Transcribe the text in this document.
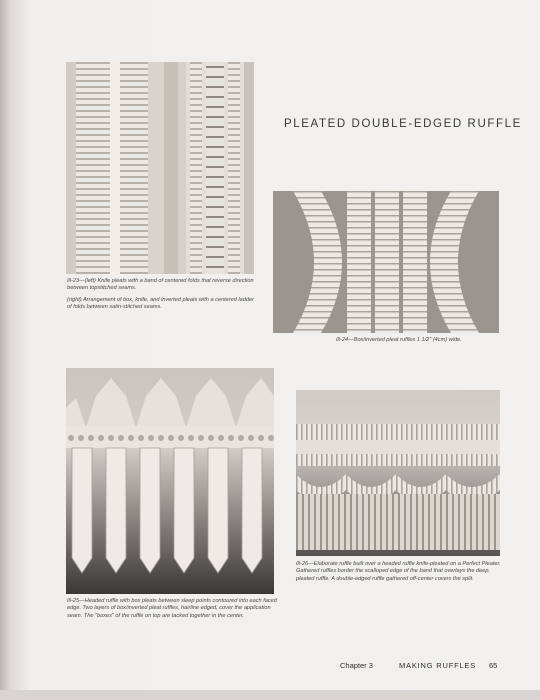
Ill-23—(left) Knife pleats with a band of centered folds that reverse direction between topstitched seams.
(right) Arrangement of box, knife, and inverted pleats with a centered ladder of folds between satin-stitched seams.
PLEATED DOUBLE-EDGED RUFFLE
Ill-24—Box/inverted pleat ruffles 1 1/2" (4cm) wide.
Ill-25—Headed ruffle with box pleats between sleep points contoured into each faced edge. Two layers of box/inverted pleat ruffles, hairline edged, cover the application seam. The "boxes" of the ruffle on top are tacked together in the center.
Ill-26—Elaborate ruffle built over a headed ruffle knife-pleated on a Perfect Pleater. Gathered ruffles border the scalloped edge of the band that overlays the deep, pleated ruffle. A double-edged ruffle gathered off-center covers the split.
Chapter 3	MAKING RUFFLES 65
